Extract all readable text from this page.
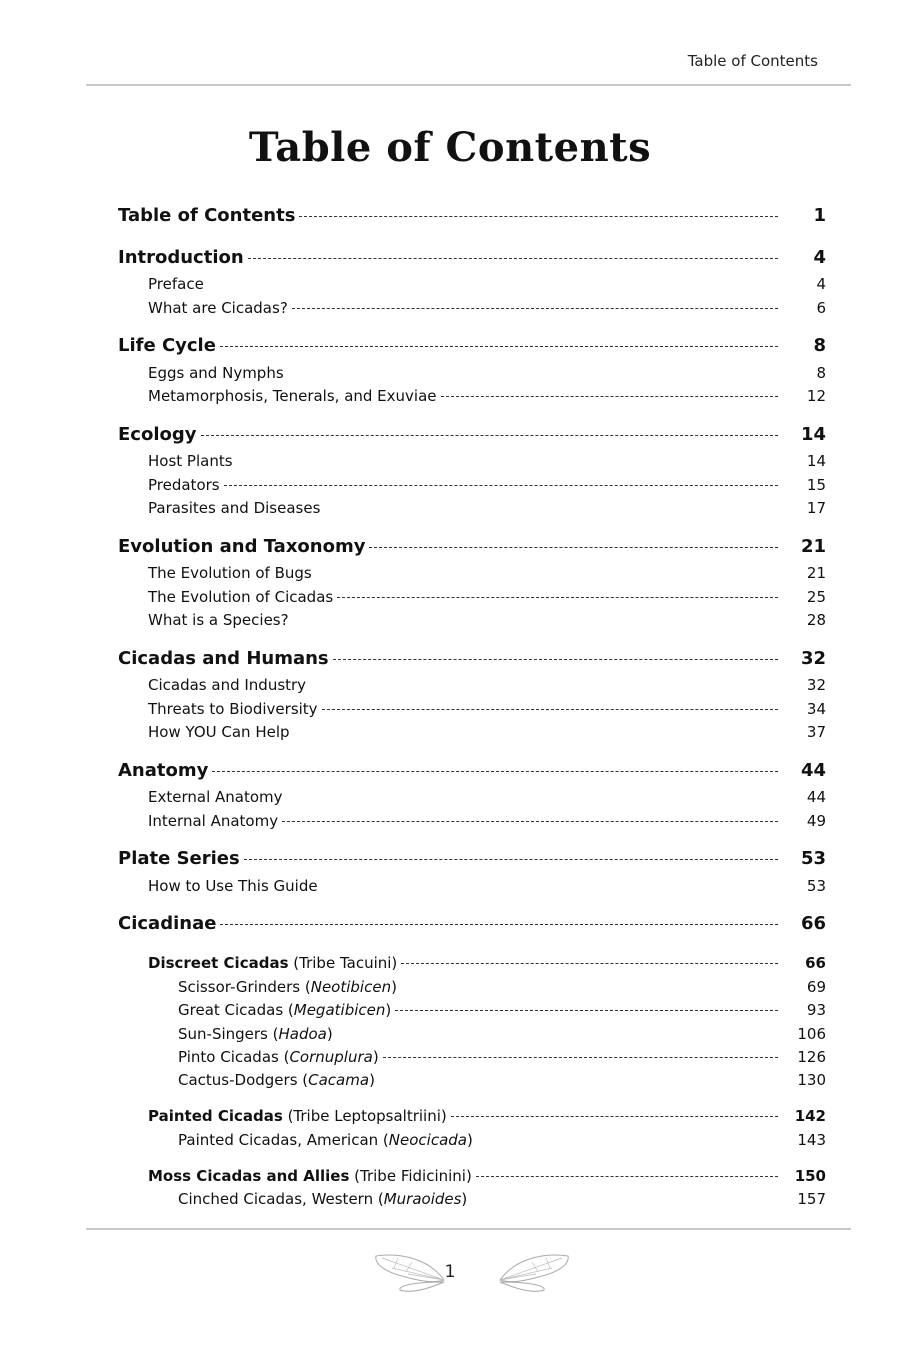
Table of Contents
Table of Contents
Table of Contents	1
Introduction	4
Preface	4
What are Cicadas?	6
Life Cycle	8
Eggs and Nymphs	8
Metamorphosis, Tenerals, and Exuviae	12
Ecology	14
Host Plants	14
Predators	15
Parasites and Diseases	17
Evolution and Taxonomy	21
The Evolution of Bugs	21
The Evolution of Cicadas	25
What is a Species?	28
Cicadas and Humans	32
Cicadas and Industry	32
Threats to Biodiversity	34
How YOU Can Help	37
Anatomy	44
External Anatomy	44
Internal Anatomy	49
Plate Series	53
How to Use This Guide	53
Cicadinae	66
Discreet Cicadas (Tribe Tacuini)	66
Scissor-Grinders (Neotibicen)	69
Great Cicadas (Megatibicen)	93
Sun-Singers (Hadoa)	106
Pinto Cicadas (Cornuplura)	126
Cactus-Dodgers (Cacama)	130
Painted Cicadas (Tribe Leptopsaltriini)	142
Painted Cicadas, American (Neocicada)	143
Moss Cicadas and Allies (Tribe Fidicinini)	150
Cinched Cicadas, Western (Muraoides)	157
1
